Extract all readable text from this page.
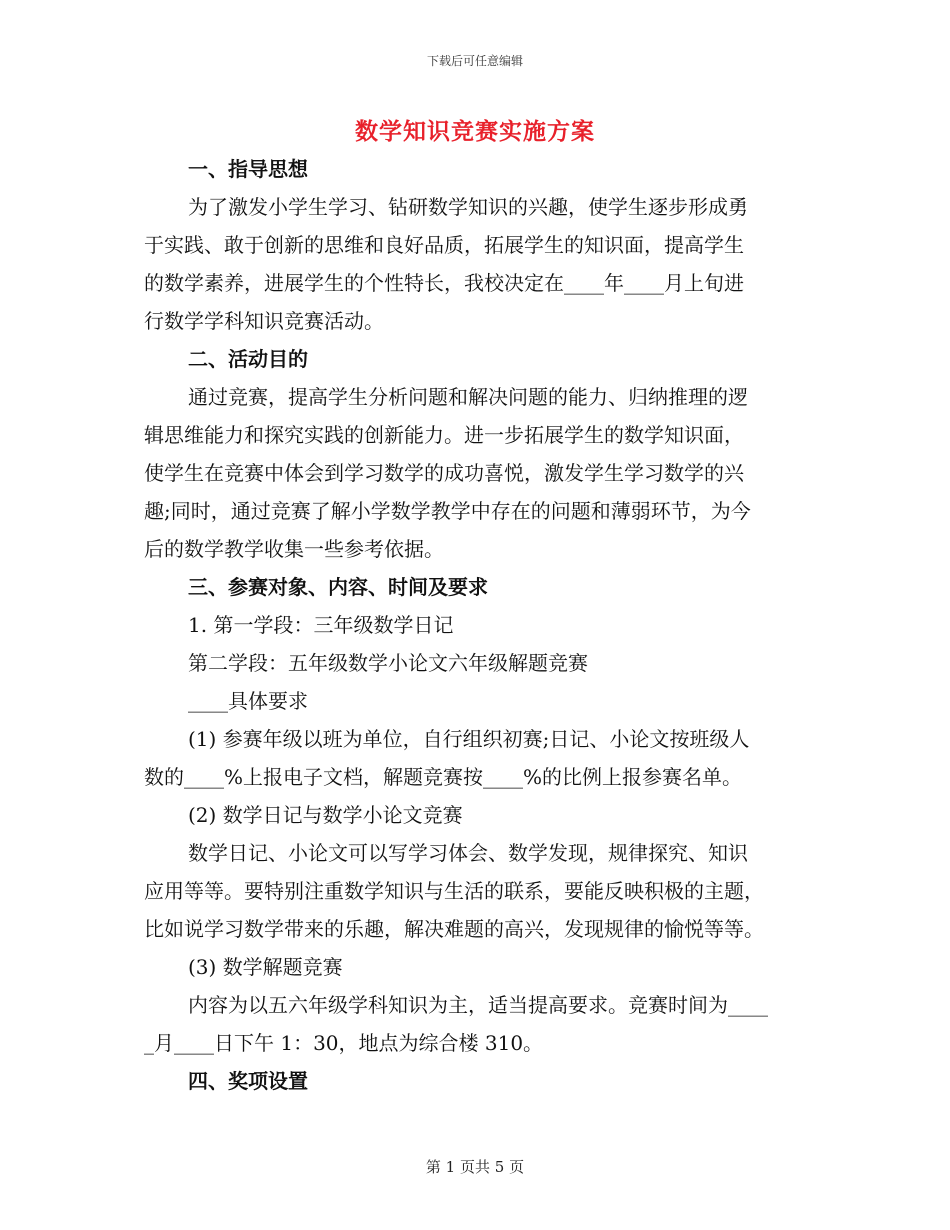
下载后可任意编辑
数学知识竞赛实施方案
一、指导思想
为了激发小学生学习、钻研数学知识的兴趣，使学生逐步形成勇
于实践、敢于创新的思维和良好品质，拓展学生的知识面，提高学生
的数学素养，进展学生的个性特长，我校决定在____年____月上旬进
行数学学科知识竞赛活动。
二、活动目的
通过竞赛，提高学生分析问题和解决问题的能力、归纳推理的逻
辑思维能力和探究实践的创新能力。进一步拓展学生的数学知识面，
使学生在竞赛中体会到学习数学的成功喜悦，激发学生学习数学的兴
趣;同时，通过竞赛了解小学数学教学中存在的问题和薄弱环节，为今
后的数学教学收集一些参考依据。
三、参赛对象、内容、时间及要求
1. 第一学段：三年级数学日记
第二学段：五年级数学小论文六年级解题竞赛
____具体要求
(1) 参赛年级以班为单位，自行组织初赛;日记、小论文按班级人
数的____%上报电子文档，解题竞赛按____%的比例上报参赛名单。
(2) 数学日记与数学小论文竞赛
数学日记、小论文可以写学习体会、数学发现，规律探究、知识
应用等等。要特别注重数学知识与生活的联系，要能反映积极的主题，
比如说学习数学带来的乐趣，解决难题的高兴，发现规律的愉悦等等。
(3) 数学解题竞赛
内容为以五六年级学科知识为主，适当提高要求。竞赛时间为____
_月____日下午 1：30，地点为综合楼 310。
四、奖项设置
第 1 页共 5 页
